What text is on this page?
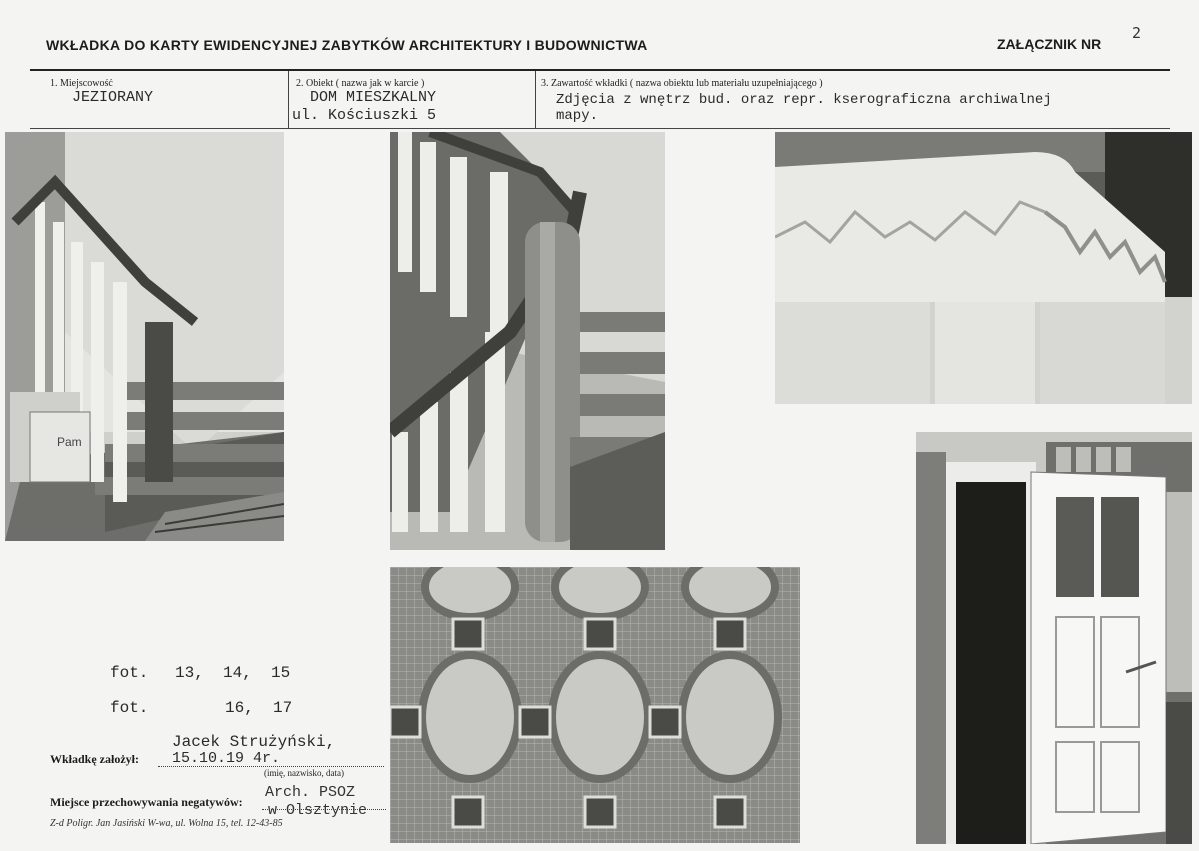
WKŁADKA DO KARTY EWIDENCYJNEJ ZABYTKÓW ARCHITEKTURY I BUDOWNICTWA	ZAŁĄCZNIK NR
2
1. Miejscowość
JEZIORANY
2. Obiekt ( nazwa jak w karcie )
DOM MIESZKALNY
ul. Kościuszki 5
3. Zawartość wkładki ( nazwa obiektu lub materiału uzupełniającego )
Zdjęcia z wnętrz bud. oraz repr. kserograficzna archiwalnej
mapy.
Pam
fot. 13,  14,  15
fot.	16,  17
Jacek Strużyński,
Wkładkę założył: 15.10.19 4r.
(imię, nazwisko, data)
Miejsce przechowywania negatywów:
Arch. PSOZ
w Olsztynie
Z-d Poligr. Jan Jasiński W-wa, ul. Wolna 15, tel. 12-43-85
